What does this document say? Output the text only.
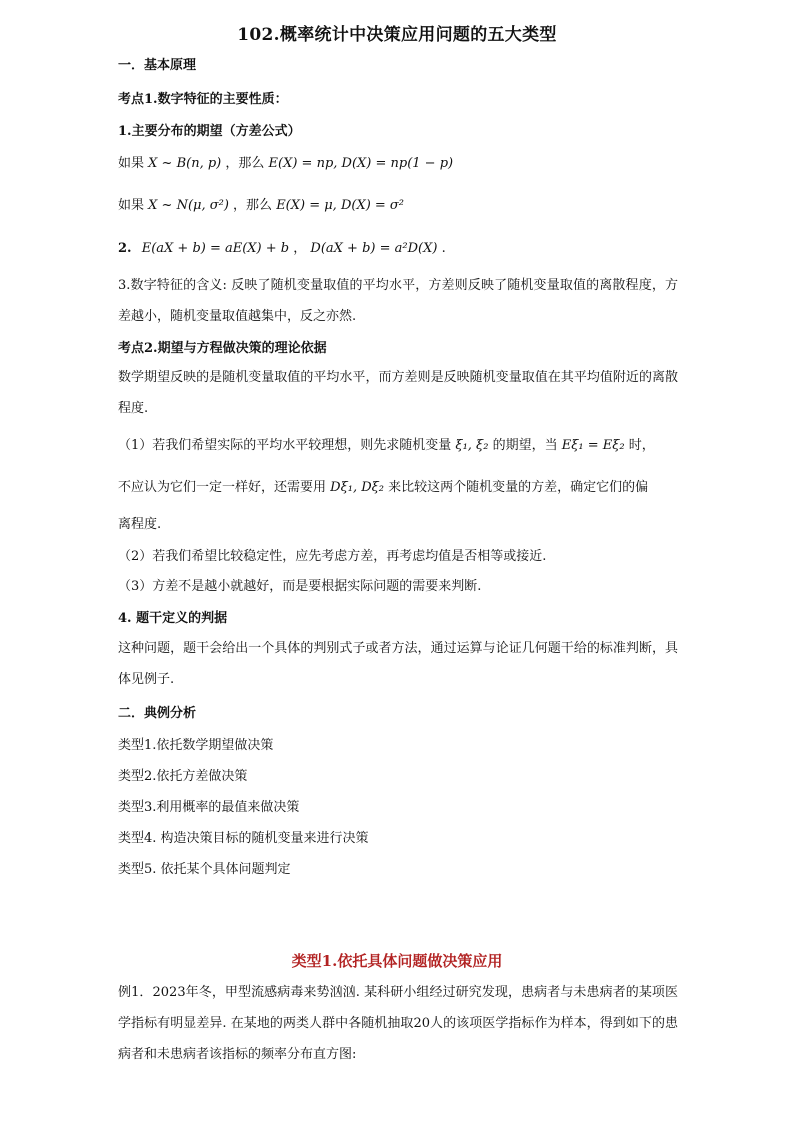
102.概率统计中决策应用问题的五大类型
一．基本原理
考点1.数字特征的主要性质：
1.主要分布的期望（方差公式）
如果 X ~ B(n, p) ，那么 E(X) = np, D(X) = np(1 − p)
如果 X ~ N(μ, σ²) ，那么 E(X) = μ, D(X) = σ²
2. E(aX + b) = aE(X) + b ， D(aX + b) = a²D(X) .
3.数字特征的含义: 反映了随机变量取值的平均水平，方差则反映了随机变量取值的离散程度，方差越小，随机变量取值越集中，反之亦然.
考点2.期望与方程做决策的理论依据
数学期望反映的是随机变量取值的平均水平，而方差则是反映随机变量取值在其平均值附近的离散程度.
（1）若我们希望实际的平均水平较理想，则先求随机变量 ξ₁, ξ₂ 的期望，当 Eξ₁ = Eξ₂ 时，
不应认为它们一定一样好，还需要用 Dξ₁, Dξ₂ 来比较这两个随机变量的方差，确定它们的偏
离程度.
（2）若我们希望比较稳定性，应先考虑方差，再考虑均值是否相等或接近.
（3）方差不是越小就越好，而是要根据实际问题的需要来判断.
4. 题干定义的判据
这种问题，题干会给出一个具体的判别式子或者方法，通过运算与论证几何题干给的标准判断，具体见例子.
二．典例分析
类型1.依托数学期望做决策
类型2.依托方差做决策
类型3.利用概率的最值来做决策
类型4. 构造决策目标的随机变量来进行决策
类型5. 依托某个具体问题判定
类型1.依托具体问题做决策应用
例1．2023年冬，甲型流感病毒来势汹汹. 某科研小组经过研究发现，患病者与未患病者的某项医学指标有明显差异. 在某地的两类人群中各随机抽取20人的该项医学指标作为样本，得到如下的患病者和未患病者该指标的频率分布直方图:
